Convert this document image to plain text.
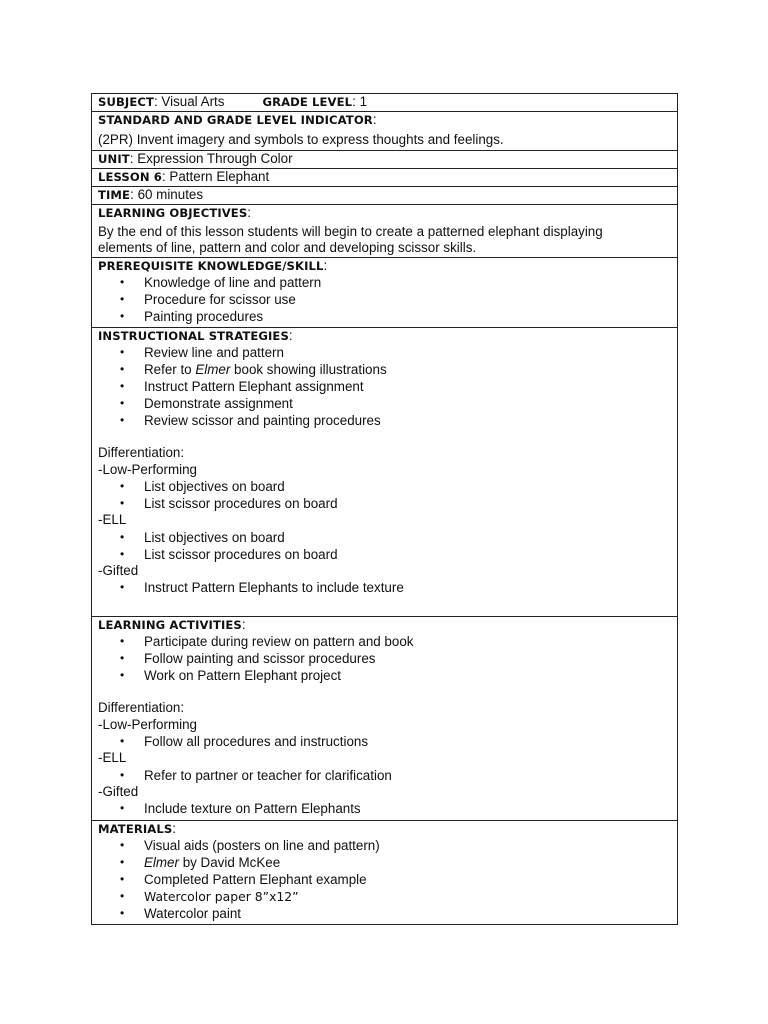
SUBJECT: Visual Arts	GRADE LEVEL: 1

STANDARD AND GRADE LEVEL INDICATOR:
(2PR) Invent imagery and symbols to express thoughts and feelings.

UNIT: Expression Through Color

LESSON 6: Pattern Elephant

TIME: 60 minutes

LEARNING OBJECTIVES:
By the end of this lesson students will begin to create a patterned elephant displaying
elements of line, pattern and color and developing scissor skills.

PREREQUISITE KNOWLEDGE/SKILL:
• Knowledge of line and pattern
• Procedure for scissor use
• Painting procedures

INSTRUCTIONAL STRATEGIES:
• Review line and pattern
• Refer to Elmer book showing illustrations
• Instruct Pattern Elephant assignment
• Demonstrate assignment
• Review scissor and painting procedures
Differentiation:
-Low-Performing
• List objectives on board
• List scissor procedures on board
-ELL
• List objectives on board
• List scissor procedures on board
-Gifted
• Instruct Pattern Elephants to include texture

LEARNING ACTIVITIES:
• Participate during review on pattern and book
• Follow painting and scissor procedures
• Work on Pattern Elephant project
Differentiation:
-Low-Performing
• Follow all procedures and instructions
-ELL
• Refer to partner or teacher for clarification
-Gifted
• Include texture on Pattern Elephants

MATERIALS:
• Visual aids (posters on line and pattern)
• Elmer by David McKee
• Completed Pattern Elephant example
• Watercolor paper 8”x12”
• Watercolor paint
